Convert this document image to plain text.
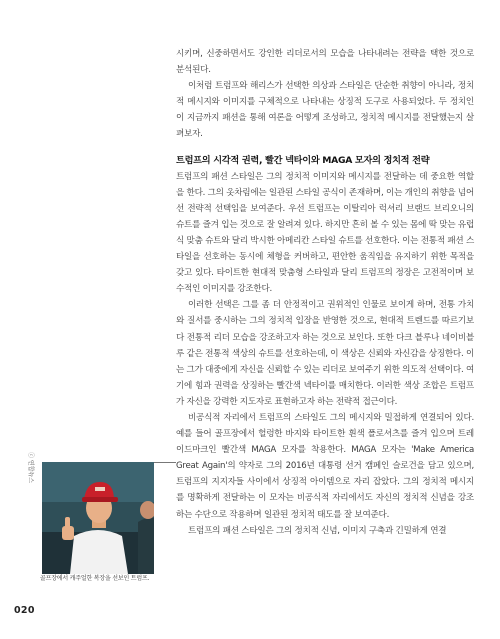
시키며, 신중하면서도 강인한 리더로서의 모습을 나타내려는 전략을 택한 것으로 분석된다.

이처럼 트럼프와 해리스가 선택한 의상과 스타일은 단순한 취향이 아니라, 정치적 메시지와 이미지를 구체적으로 나타내는 상징적 도구로 사용되었다. 두 정치인이 지금까지 패션을 통해 여론을 어떻게 조성하고, 정치적 메시지를 전달했는지 살펴보자.

트럼프의 시각적 권력, 빨간 넥타이와 MAGA 모자의 정치적 전략

트럼프의 패션 스타일은 그의 정치적 이미지와 메시지를 전달하는 데 중요한 역할을 한다. 그의 옷차림에는 일관된 스타일 공식이 존재하며, 이는 개인의 취향을 넘어선 전략적 선택임을 보여준다. 우선 트럼프는 이탈리아 럭셔리 브랜드 브리오니의 슈트를 즐겨 입는 것으로 잘 알려져 있다. 하지만 흔히 볼 수 있는 몸에 딱 맞는 유럽식 맞춤 슈트와 달리 박시한 아메리칸 스타일 슈트를 선호한다. 이는 전통적 패션 스타일을 선호하는 동시에 체형을 커버하고, 편안한 움직임을 유지하기 위한 목적을 갖고 있다. 타이트한 현대적 맞춤형 스타일과 달리 트럼프의 정장은 고전적이며 보수적인 이미지를 강조한다.

이러한 선택은 그를 좀 더 안정적이고 권위적인 인물로 보이게 하며, 전통 가치와 질서를 중시하는 그의 정치적 입장을 반영한 것으로, 현대적 트렌드를 따르기보다 전통적 리더 모습을 강조하고자 하는 것으로 보인다. 또한 다크 블루나 네이비블루 같은 전통적 색상의 슈트를 선호하는데, 이 색상은 신뢰와 자신감을 상징한다. 이는 그가 대중에게 자신을 신뢰할 수 있는 리더로 보여주기 위한 의도적 선택이다. 여기에 힘과 권력을 상징하는 빨간색 넥타이를 매치한다. 이러한 색상 조합은 트럼프가 자신을 강력한 지도자로 표현하고자 하는 전략적 접근이다.

비공식적 자리에서 트럼프의 스타일도 그의 메시지와 밀접하게 연결되어 있다. 예를 들어 골프장에서 헐렁한 바지와 타이트한 흰색 폴로셔츠를 즐겨 입으며 트레이드마크인 빨간색 MAGA 모자를 착용한다. MAGA 모자는 'Make America Great Again'의 약자로 그의 2016년 대통령 선거 캠페인 슬로건을 담고 있으며, 트럼프의 지지자들 사이에서 상징적 아이템으로 자리 잡았다. 그의 정치적 메시지를 명확하게 전달하는 이 모자는 비공식적 자리에서도 자신의 정치적 신념을 강조하는 수단으로 작용하며 일관된 정치적 태도를 잘 보여준다.

트럼프의 패션 스타일은 그의 정치적 신념, 이미지 구축과 긴밀하게 연결

ⓒ 연합뉴스
골프장에서 캐주얼한 복장을 선보인 트럼프.
020
